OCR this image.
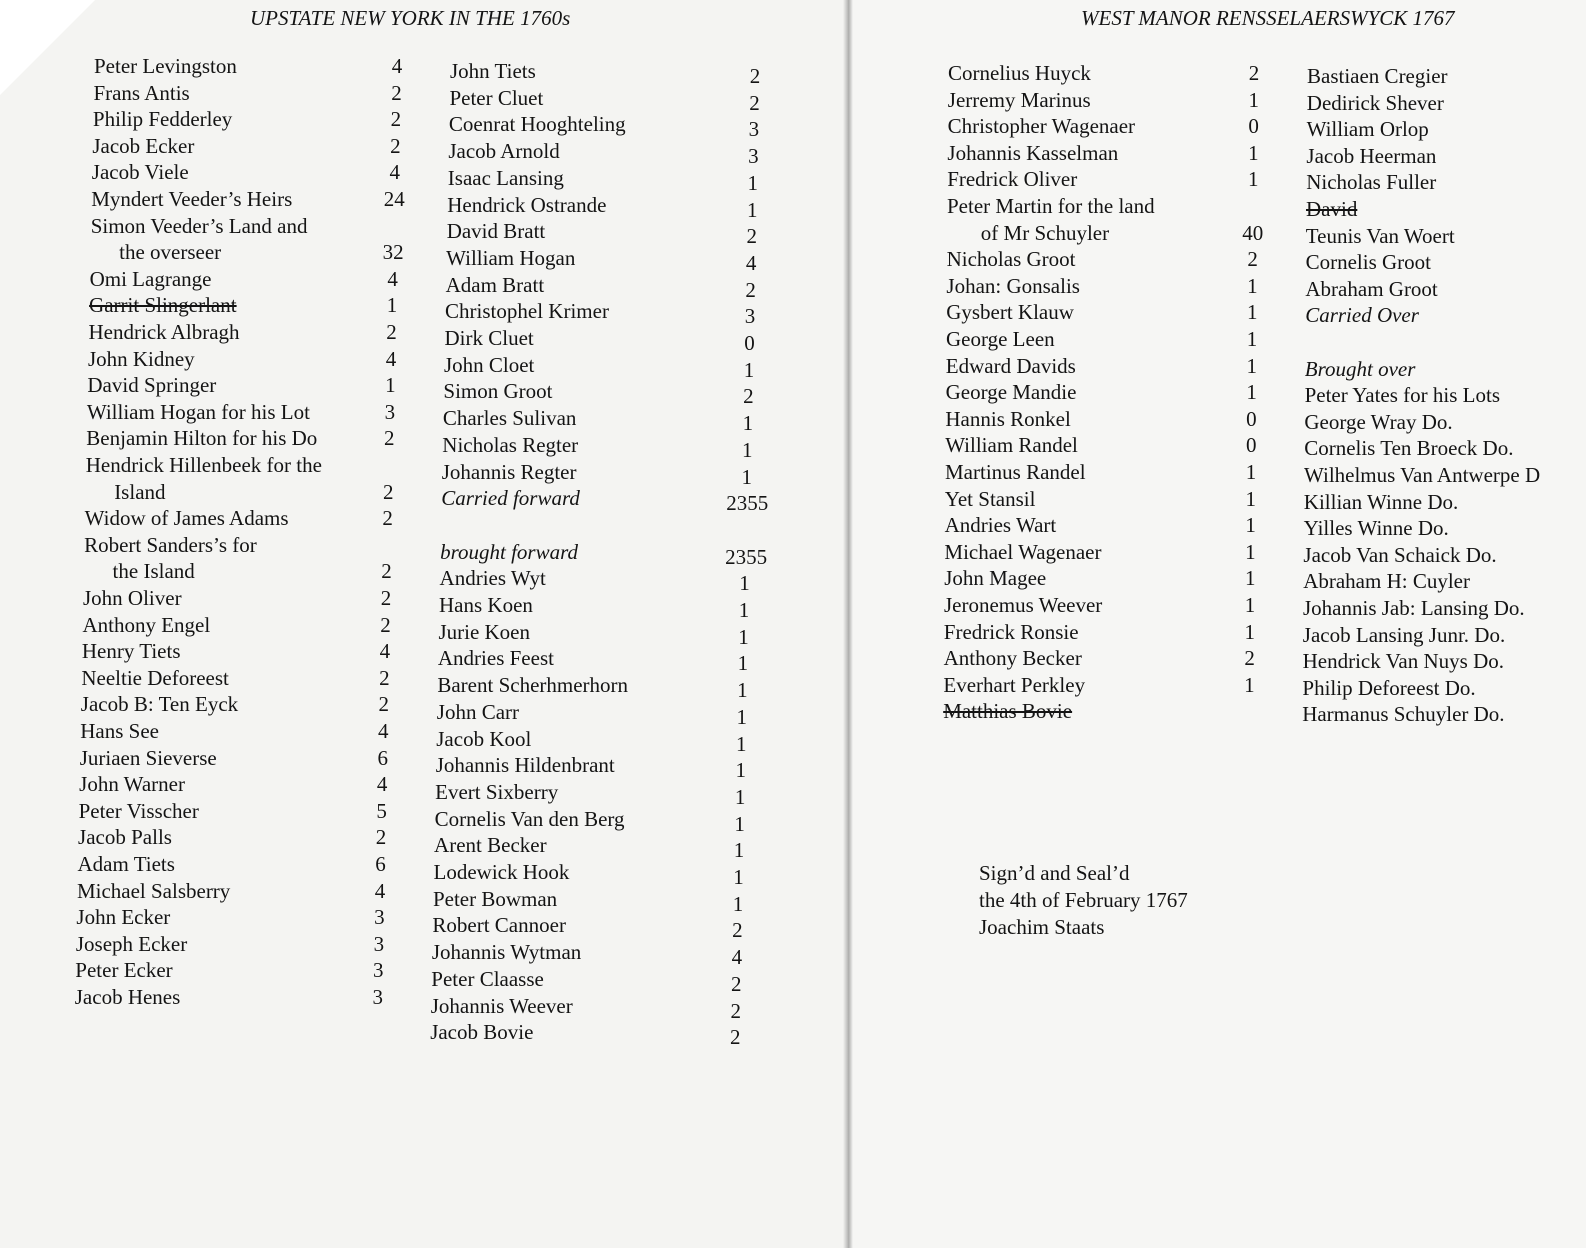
UPSTATE NEW YORK IN THE 1760s
Peter Levingston	4
Frans Antis	2
Philip Fedderley	2
Jacob Ecker	2
Jacob Viele	4
Myndert Veeder’s Heirs	24
Simon Veeder’s Land and
the overseer	32
Omi Lagrange	4
Garrit Slingerlant	1
Hendrick Albragh	2
John Kidney	4
David Springer	1
William Hogan for his Lot	3
Benjamin Hilton for his Do	2
Hendrick Hillenbeek for the
Island	2
Widow of James Adams	2
Robert Sanders’s for
the Island	2
John Oliver	2
Anthony Engel	2
Henry Tiets	4
Neeltie Deforeest	2
Jacob B: Ten Eyck	2
Hans See	4
Juriaen Sieverse	6
John Warner	4
Peter Visscher	5
Jacob Palls	2
Adam Tiets	6
Michael Salsberry	4
John Ecker	3
Joseph Ecker	3
Peter Ecker	3
Jacob Henes	3
John Tiets	2
Peter Cluet	2
Coenrat Hooghteling	3
Jacob Arnold	3
Isaac Lansing	1
Hendrick Ostrande	1
David Bratt	2
William Hogan	4
Adam Bratt	2
Christophel Krimer	3
Dirk Cluet	0
John Cloet	1
Simon Groot	2
Charles Sulivan	1
Nicholas Regter	1
Johannis Regter	1
Carried forward	2355
brought forward	2355
Andries Wyt	1
Hans Koen	1
Jurie Koen	1
Andries Feest	1
Barent Scherhmerhorn	1
John Carr	1
Jacob Kool	1
Johannis Hildenbrant	1
Evert Sixberry	1
Cornelis Van den Berg	1
Arent Becker	1
Lodewick Hook	1
Peter Bowman	1
Robert Cannoer	2
Johannis Wytman	4
Peter Claasse	2
Johannis Weever	2
Jacob Bovie	2
WEST MANOR RENSSELAERSWYCK 1767
Cornelius Huyck	2
Jerremy Marinus	1
Christopher Wagenaer	0
Johannis Kasselman	1
Fredrick Oliver	1
Peter Martin for the land
of Mr Schuyler	40
Nicholas Groot	2
Johan: Gonsalis	1
Gysbert Klauw	1
George Leen	1
Edward Davids	1
George Mandie	1
Hannis Ronkel	0
William Randel	0
Martinus Randel	1
Yet Stansil	1
Andries Wart	1
Michael Wagenaer	1
John Magee	1
Jeronemus Weever	1
Fredrick Ronsie	1
Anthony Becker	2
Everhart Perkley	1
Matthias Bovie
Bastiaen Cregier
Dedirick Shever
William Orlop
Jacob Heerman
Nicholas Fuller
David
Teunis Van Woert
Cornelis Groot
Abraham Groot
Carried Over
Brought over
Peter Yates for his Lots
George Wray Do.
Cornelis Ten Broeck Do.
Wilhelmus Van Antwerpe D
Killian Winne Do.
Yilles Winne Do.
Jacob Van Schaick Do.
Abraham H: Cuyler
Johannis Jab: Lansing Do.
Jacob Lansing Junr. Do.
Hendrick Van Nuys Do.
Philip Deforeest Do.
Harmanus Schuyler Do.
Sign’d and Seal’d
the 4th of February 1767
Joachim Staats
